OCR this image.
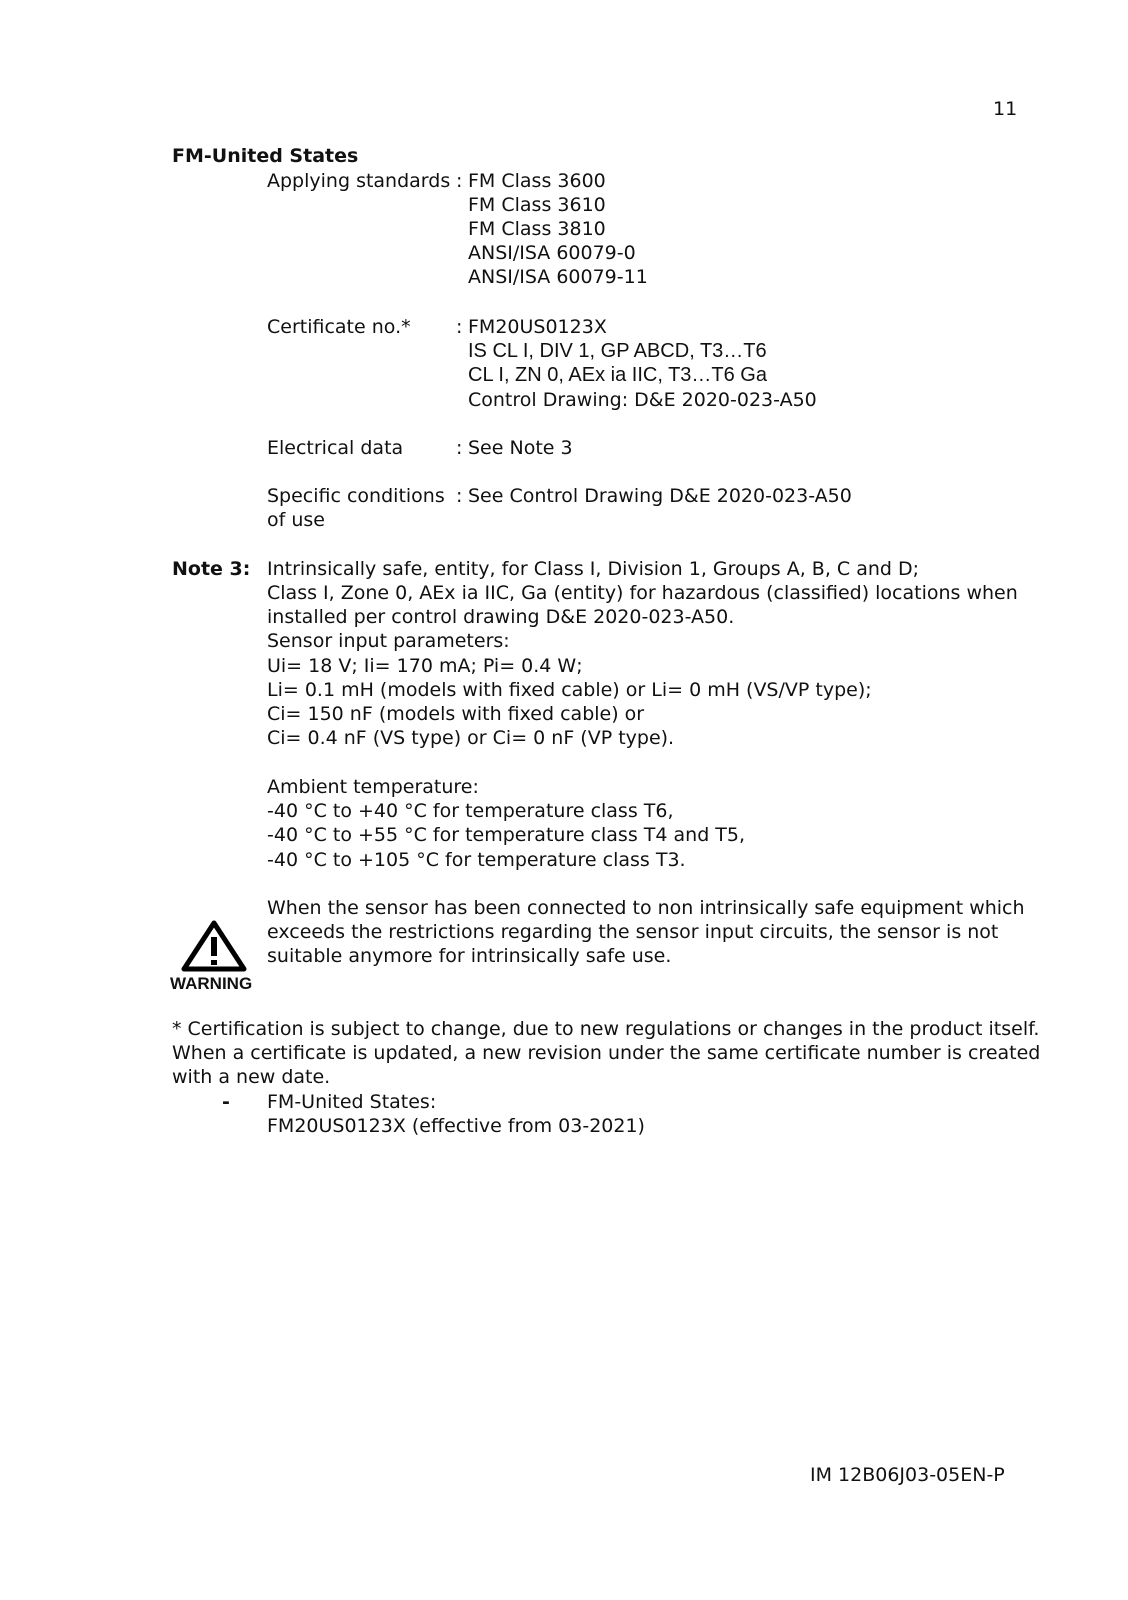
11
FM-United States
Applying standards : FM Class 3600
FM Class 3610
FM Class 3810
ANSI/ISA 60079-0
ANSI/ISA 60079-11
Certificate no.* : FM20US0123X
IS CL I, DIV 1, GP ABCD, T3…T6
CL I, ZN 0, AEx ia IIC, T3…T6 Ga
Control Drawing: D&E 2020-023-A50
Electrical data	: See Note 3
Specific conditions
of use
: See Control Drawing D&E 2020-023-A50
Note 3: Intrinsically safe, entity, for Class I, Division 1, Groups A, B, C and D;
Class I, Zone 0, AEx ia IIC, Ga (entity) for hazardous (classified) locations when
installed per control drawing D&E 2020-023-A50.
Sensor input parameters:
Ui= 18 V; Ii= 170 mA; Pi= 0.4 W;
Li= 0.1 mH (models with fixed cable) or Li= 0 mH (VS/VP type);
Ci= 150 nF (models with fixed cable) or
Ci= 0.4 nF (VS type) or Ci= 0 nF (VP type).
Ambient temperature:
-40 °C to +40 °C for temperature class T6,
-40 °C to +55 °C for temperature class T4 and T5,
-40 °C to +105 °C for temperature class T3.
WARNING
When the sensor has been connected to non intrinsically safe equipment which
exceeds the restrictions regarding the sensor input circuits, the sensor is not
suitable anymore for intrinsically safe use.
* Certification is subject to change, due to new regulations or changes in the product itself.
When a certificate is updated, a new revision under the same certificate number is created
with a new date.
- FM-United States:
FM20US0123X (effective from 03-2021)
IM 12B06J03-05EN-P
